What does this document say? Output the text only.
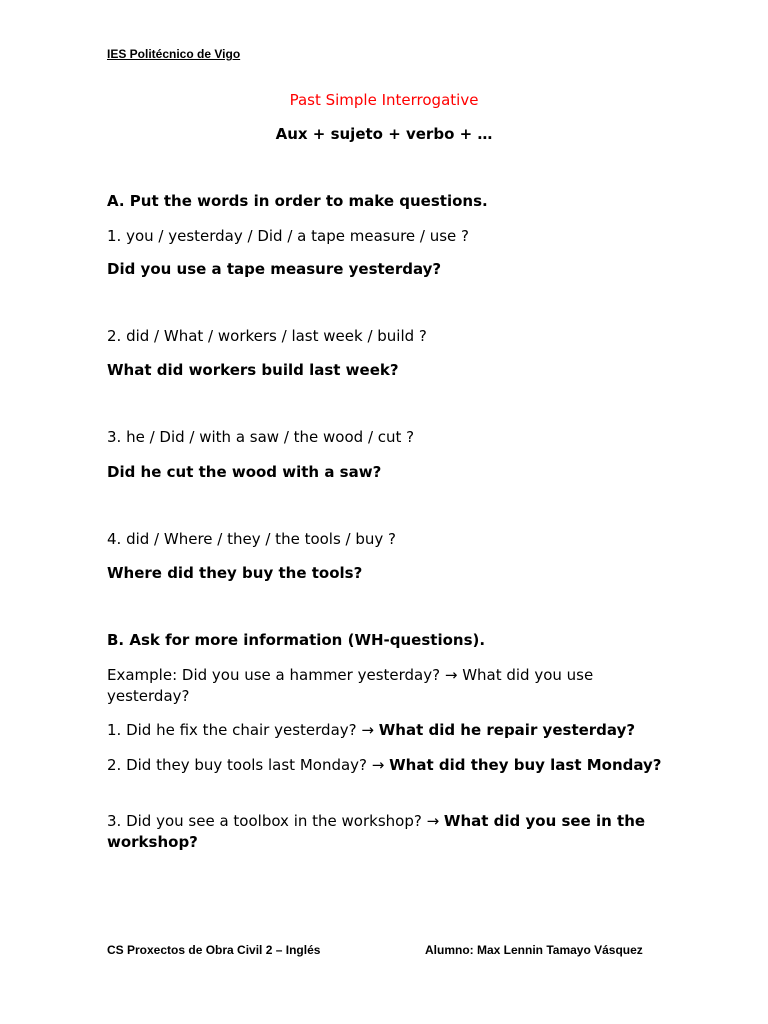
IES Politécnico de Vigo
Past Simple Interrogative
Aux + sujeto + verbo + …
A. Put the words in order to make questions.
1. you / yesterday / Did / a tape measure / use ?
Did you use a tape measure yesterday?
2. did / What / workers / last week / build ?
What did workers build last week?
3. he / Did / with a saw / the wood / cut ?
Did he cut the wood with a saw?
4. did / Where / they / the tools / buy ?
Where did they buy the tools?
B. Ask for more information (WH-questions).
Example: Did you use a hammer yesterday? → What did you use yesterday?
1. Did he fix the chair yesterday? → What did he repair yesterday?
2. Did they buy tools last Monday? → What did they buy last Monday?
3. Did you see a toolbox in the workshop? → What did you see in the workshop?
CS Proxectos de Obra Civil 2 – Inglés	Alumno: Max Lennin Tamayo Vásquez
